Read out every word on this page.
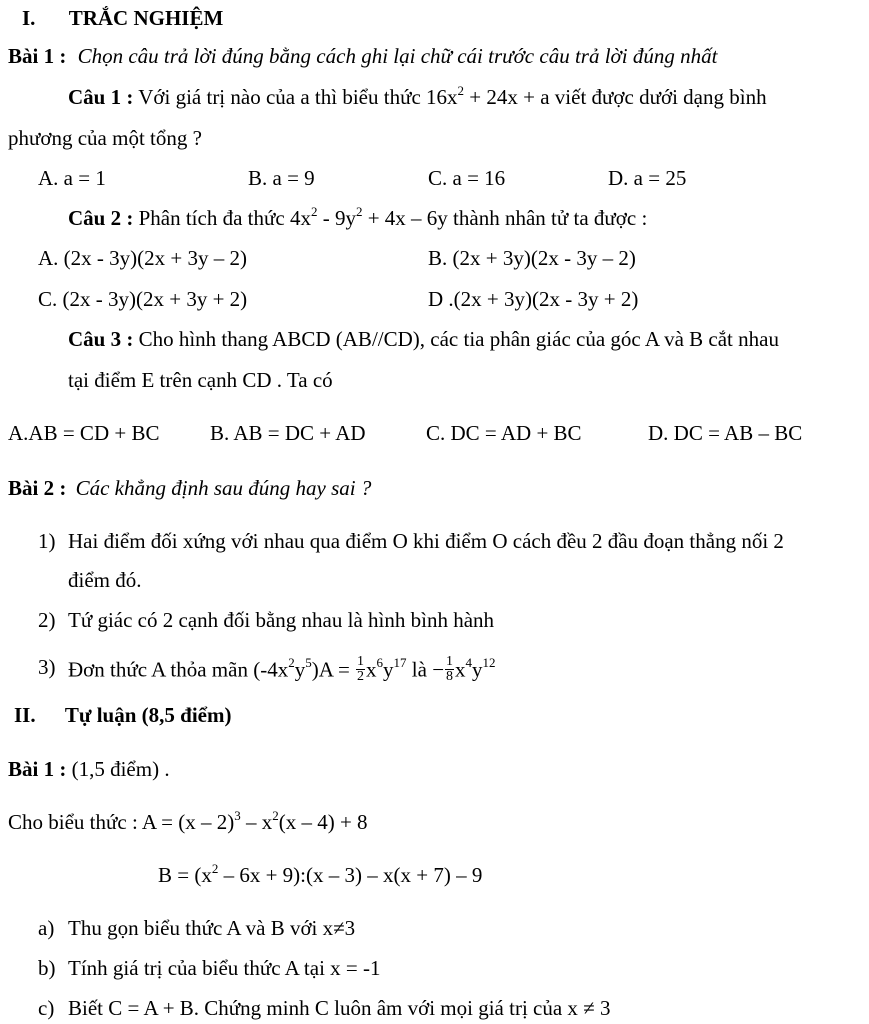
I. TRẮC NGHIỆM
Bài 1 : Chọn câu trả lời đúng bằng cách ghi lại chữ cái trước câu trả lời đúng nhất
Câu 1 : Với giá trị nào của a thì biểu thức $16x^2 + 24x + a$ viết được dưới dạng bình
phương của một tổng ?
A. a = 1	B. a = 9	C. a = 16	D. a = 25
Câu 2 : Phân tích đa thức $4x^2 - 9y^2 + 4x - 6y$ thành nhân tử ta được :
A. (2x - 3y)(2x + 3y – 2)	B. (2x + 3y)(2x - 3y – 2)
C. (2x - 3y)(2x + 3y + 2)	D .(2x + 3y)(2x - 3y + 2)
Câu 3 : Cho hình thang ABCD (AB//CD), các tia phân giác của góc A và B cắt nhau
tại điểm E trên cạnh CD . Ta có
A.AB = CD + BC B. AB = DC + AD	C. DC = AD + BC	D. DC = AB – BC
Bài 2 : Các khẳng định sau đúng hay sai ?
1) Hai điểm đối xứng với nhau qua điểm O khi điểm O cách đều 2 đầu đoạn thẳng nối 2
điểm đó.
2) Tứ giác có 2 cạnh đối bằng nhau là hình bình hành
3) Đơn thức A thỏa mãn $(-4x^2y^5)A = \frac{1}{2} x^6y^{17}$ là − $\frac{1}{8} x^4y^{12}$
II. Tự luận (8,5 điểm)
Bài 1 : (1,5 điểm) .
Cho biểu thức : $A = (x - 2)^3 - x^2(x - 4) + 8$
$B = (x^2 - 6x$ + 9):(x – 3) – x(x + 7) – 9
a) Thu gọn biểu thức A và B với x≠3
b) Tính giá trị của biểu thức A tại x = -1
c) Biết C = A + B. Chứng minh C luôn âm với mọi giá trị của x ≠ 3
